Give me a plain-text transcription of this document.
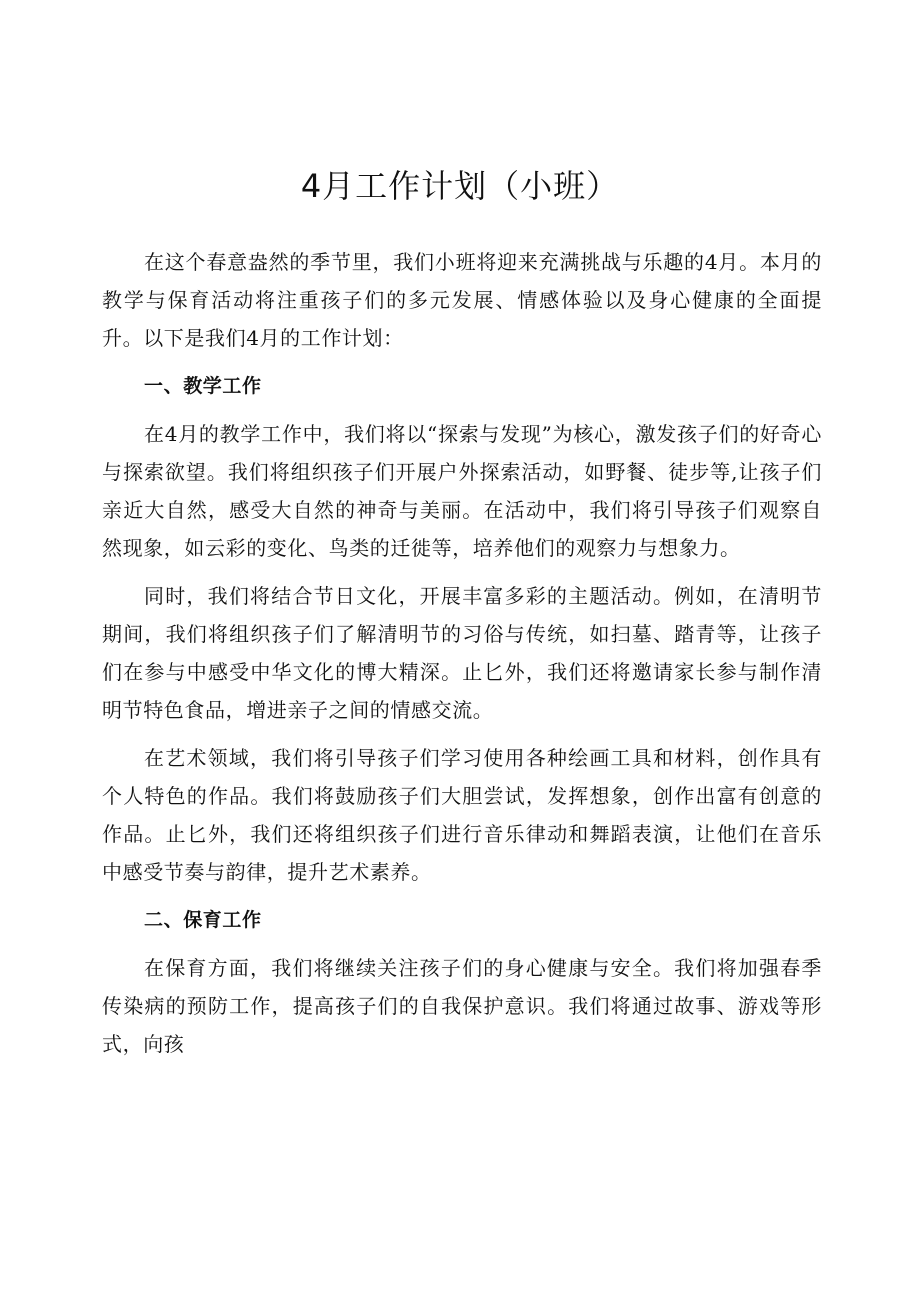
4月工作计划（小班）

在这个春意盎然的季节里，我们小班将迎来充满挑战与乐趣的4月。本月的教学与保育活动将注重孩子们的多元发展、情感体验以及身心健康的全面提升。以下是我们4月的工作计划：

一、教学工作

在4月的教学工作中，我们将以“探索与发现”为核心，激发孩子们的好奇心与探索欲望。我们将组织孩子们开展户外探索活动，如野餐、徒步等,让孩子们亲近大自然，感受大自然的神奇与美丽。在活动中，我们将引导孩子们观察自然现象，如云彩的变化、鸟类的迁徙等，培养他们的观察力与想象力。

同时，我们将结合节日文化，开展丰富多彩的主题活动。例如，在清明节期间，我们将组织孩子们了解清明节的习俗与传统，如扫墓、踏青等，让孩子们在参与中感受中华文化的博大精深。止匕外，我们还将邀请家长参与制作清明节特色食品，增进亲子之间的情感交流。

在艺术领域，我们将引导孩子们学习使用各种绘画工具和材料，创作具有个人特色的作品。我们将鼓励孩子们大胆尝试，发挥想象，创作出富有创意的作品。止匕外，我们还将组织孩子们进行音乐律动和舞蹈表演，让他们在音乐中感受节奏与韵律，提升艺术素养。

二、保育工作

在保育方面，我们将继续关注孩子们的身心健康与安全。我们将加强春季传染病的预防工作，提高孩子们的自我保护意识。我们将通过故事、游戏等形式，向孩
